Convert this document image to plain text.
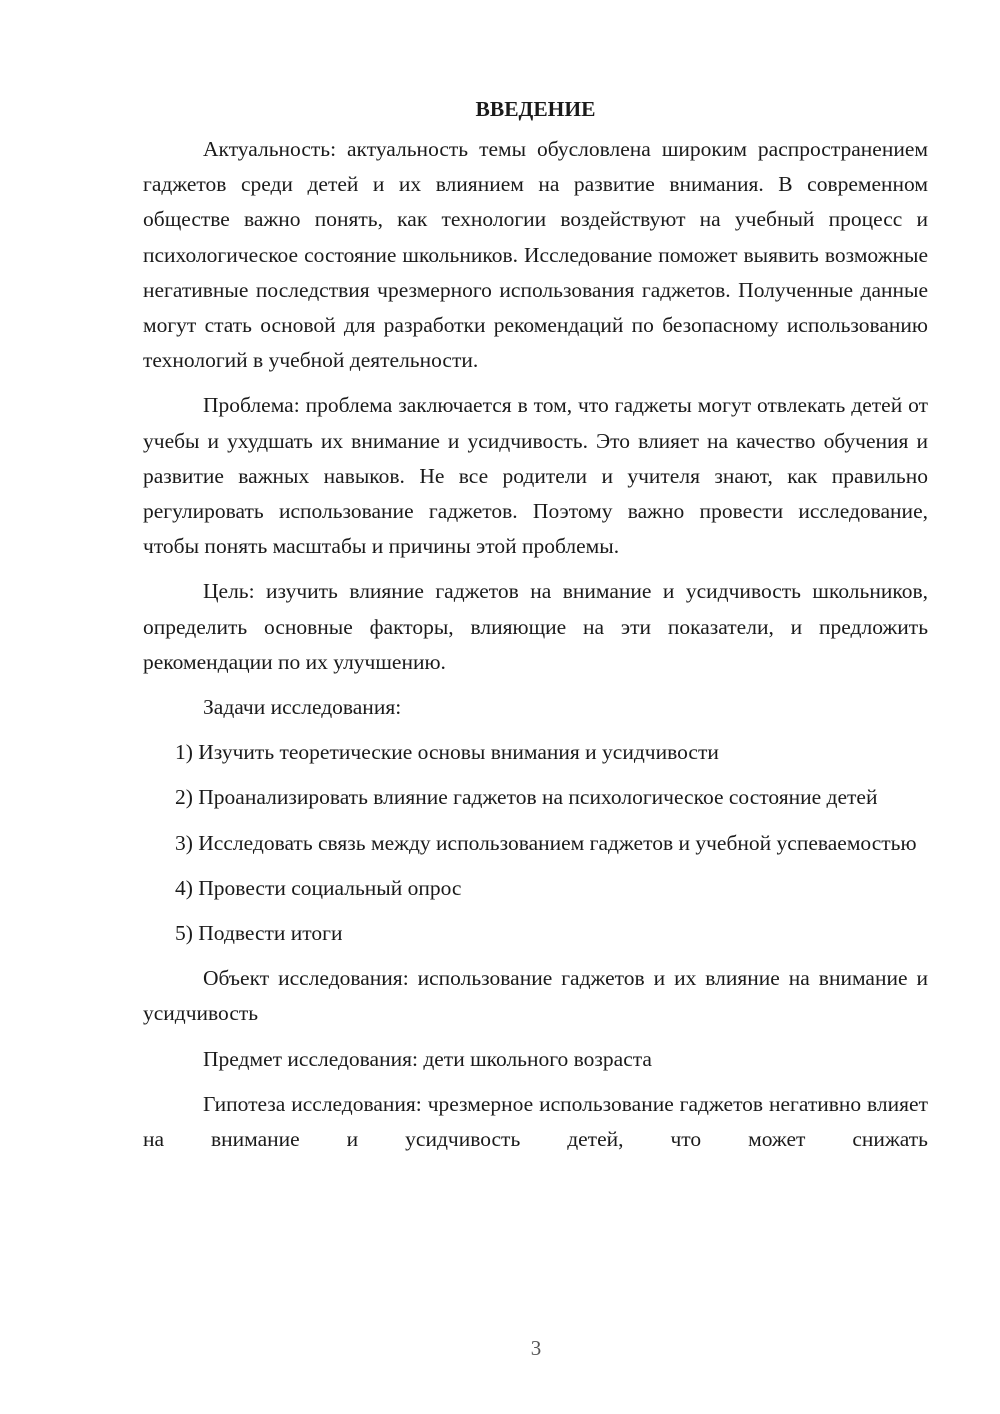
ВВЕДЕНИЕ

Актуальность: актуальность темы обусловлена широким распространением гаджетов среди детей и их влиянием на развитие внимания. В современном обществе важно понять, как технологии воздействуют на учебный процесс и психологическое состояние школьников. Исследование поможет выявить возможные негативные последствия чрезмерного использования гаджетов. Полученные данные могут стать основой для разработки рекомендаций по безопасному использованию технологий в учебной деятельности.

Проблема: проблема заключается в том, что гаджеты могут отвлекать детей от учебы и ухудшать их внимание и усидчивость. Это влияет на качество обучения и развитие важных навыков. Не все родители и учителя знают, как правильно регулировать использование гаджетов. Поэтому важно провести исследование, чтобы понять масштабы и причины этой проблемы.

Цель: изучить влияние гаджетов на внимание и усидчивость школьников, определить основные факторы, влияющие на эти показатели, и предложить рекомендации по их улучшению.

Задачи исследования:

1) Изучить теоретические основы внимания и усидчивости

2) Проанализировать влияние гаджетов на психологическое состояние детей

3) Исследовать связь между использованием гаджетов и учебной успеваемостью

4) Провести социальный опрос

5) Подвести итоги

Объект исследования: использование гаджетов и их влияние на внимание и усидчивость

Предмет исследования: дети школьного возраста

Гипотеза исследования: чрезмерное использование гаджетов негативно влияет на внимание и усидчивость детей, что может снижать

3
